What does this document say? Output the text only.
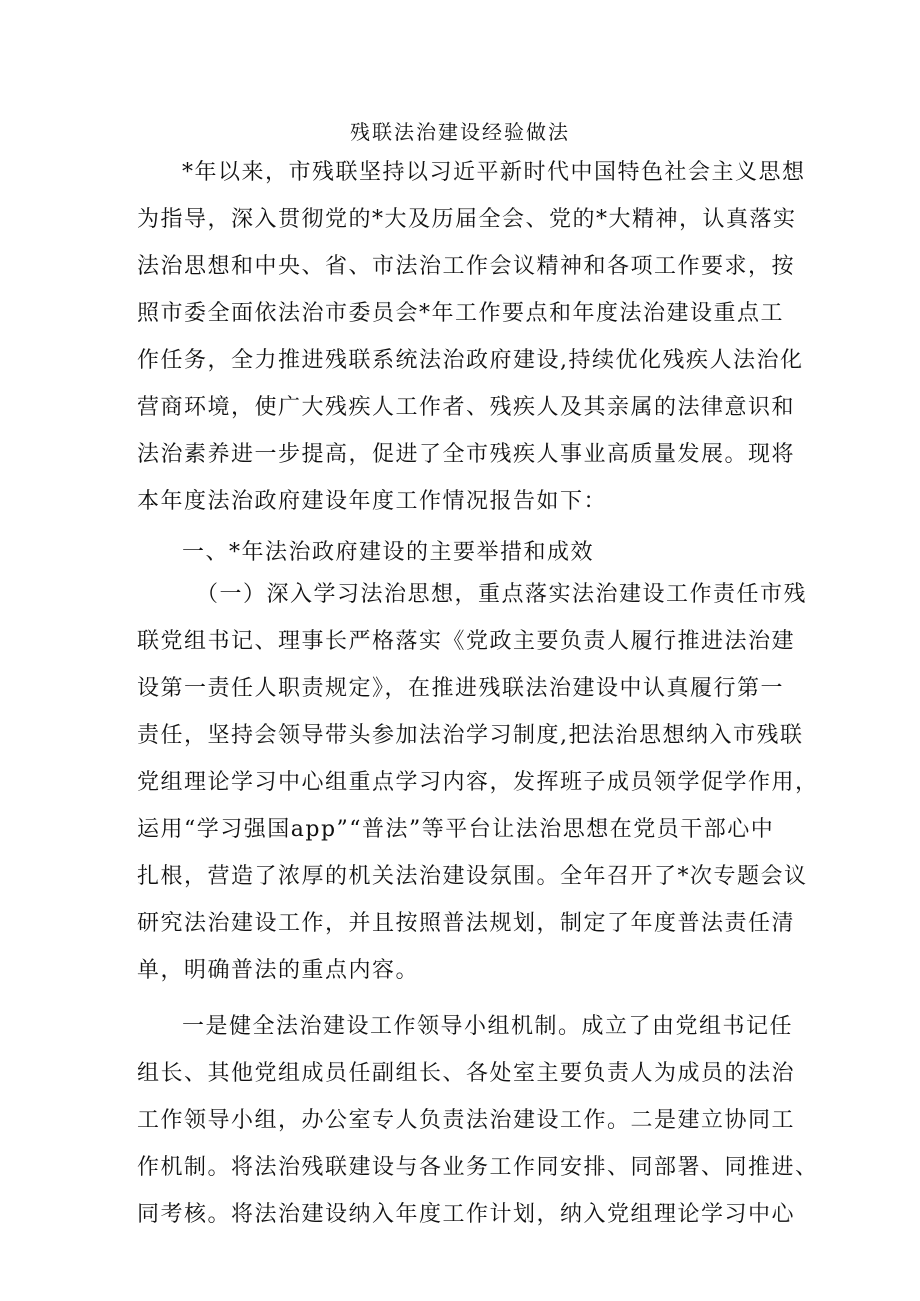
残联法治建设经验做法
*年以来，市残联坚持以习近平新时代中国特色社会主义思想
为指导，深入贯彻党的*大及历届全会、党的*大精神，认真落实
法治思想和中央、省、市法治工作会议精神和各项工作要求，按
照市委全面依法治市委员会*年工作要点和年度法治建设重点工
作任务，全力推进残联系统法治政府建设,持续优化残疾人法治化
营商环境，使广大残疾人工作者、残疾人及其亲属的法律意识和
法治素养进一步提高，促进了全市残疾人事业高质量发展。现将
本年度法治政府建设年度工作情况报告如下：
一、*年法治政府建设的主要举措和成效
（一）深入学习法治思想，重点落实法治建设工作责任市残
联党组书记、理事长严格落实《党政主要负责人履行推进法治建
设第一责任人职责规定》，在推进残联法治建设中认真履行第一
责任，坚持会领导带头参加法治学习制度,把法治思想纳入市残联
党组理论学习中心组重点学习内容，发挥班子成员领学促学作用，
运用“学习强国app”“普法”等平台让法治思想在党员干部心中
扎根，营造了浓厚的机关法治建设氛围。全年召开了*次专题会议
研究法治建设工作，并且按照普法规划，制定了年度普法责任清
单，明确普法的重点内容。
一是健全法治建设工作领导小组机制。成立了由党组书记任
组长、其他党组成员任副组长、各处室主要负责人为成员的法治
工作领导小组，办公室专人负责法治建设工作。二是建立协同工
作机制。将法治残联建设与各业务工作同安排、同部署、同推进、
同考核。将法治建设纳入年度工作计划，纳入党组理论学习中心
